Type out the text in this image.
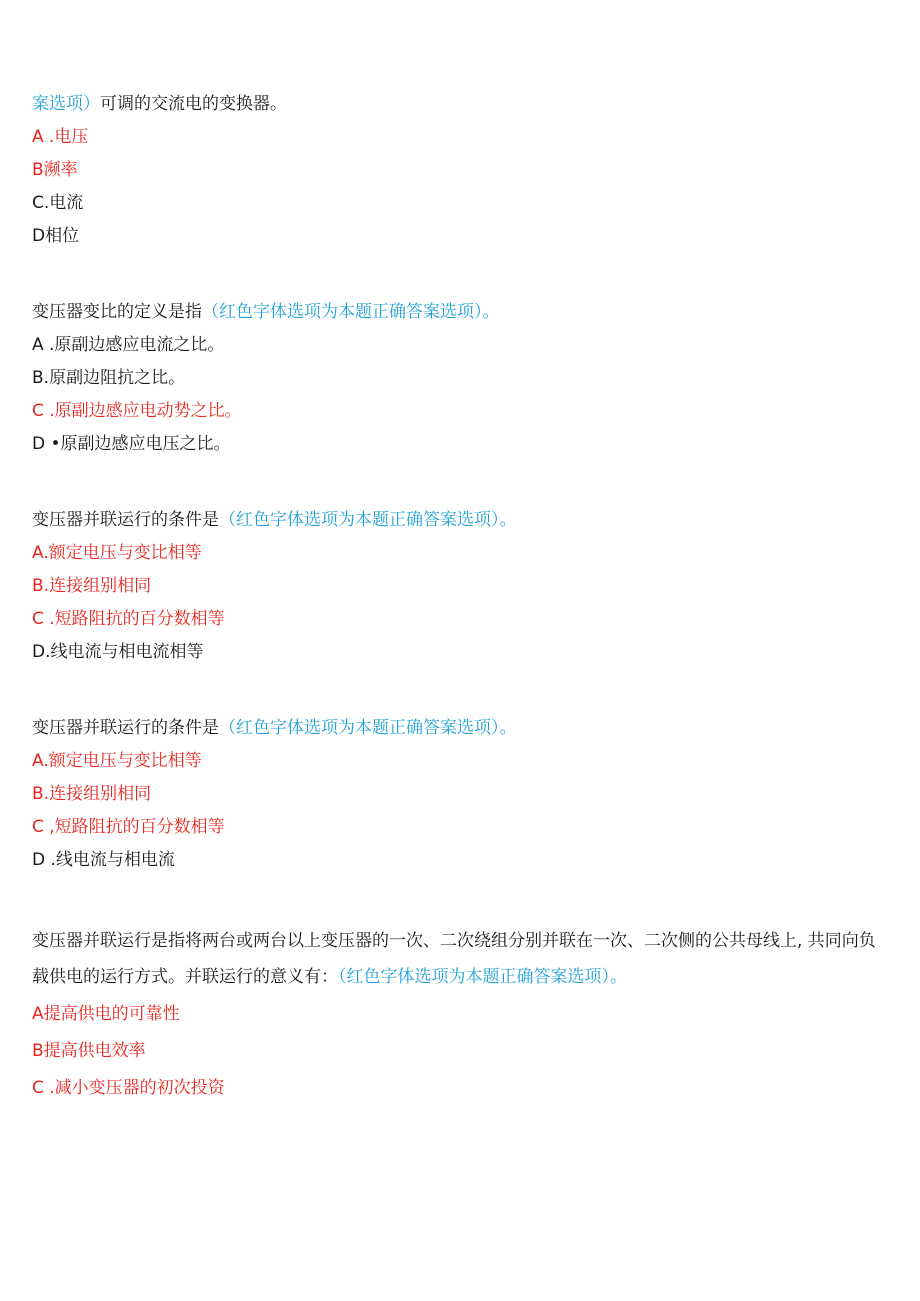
案选项）可调的交流电的变换器。
A .电压
B濒率
C.电流
D相位
变压器变比的定义是指（红色字体选项为本题正确答案选项）。
A .原副边感应电流之比。
B.原副边阻抗之比。
C .原副边感应电动势之比。
D •原副边感应电压之比。
变压器并联运行的条件是（红色字体选项为本题正确答案选项）。
A.额定电压与变比相等
B.连接组别相同
C .短路阻抗的百分数相等
D.线电流与相电流相等
变压器并联运行的条件是（红色字体选项为本题正确答案选项）。
A.额定电压与变比相等
B.连接组别相同
C ,短路阻抗的百分数相等
D .线电流与相电流
变压器并联运行是指将两台或两台以上变压器的一次、二次绕组分别并联在一次、二次侧的公共母线上, 共同向负
载供电的运行方式。并联运行的意义有：（红色字体选项为本题正确答案选项）。
A提高供电的可靠性
B提高供电效率
C .减小变压器的初次投资
